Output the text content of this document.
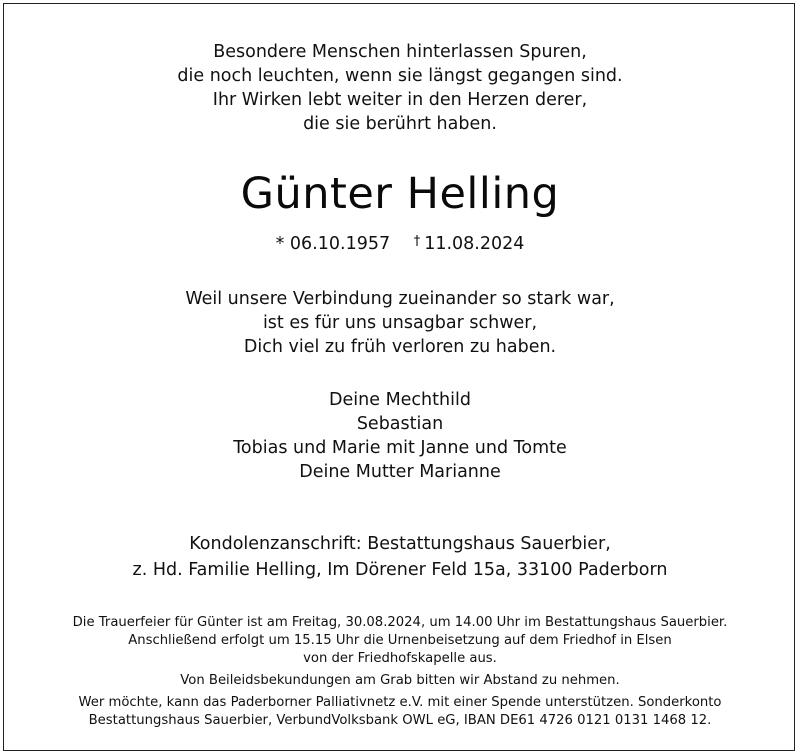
Besondere Menschen hinterlassen Spuren,
die noch leuchten, wenn sie längst gegangen sind.
Ihr Wirken lebt weiter in den Herzen derer,
die sie berührt haben.
Günter Helling
* 06.10.1957 † 11.08.2024
Weil unsere Verbindung zueinander so stark war,
ist es für uns unsagbar schwer,
Dich viel zu früh verloren zu haben.
Deine Mechthild
Sebastian
Tobias und Marie mit Janne und Tomte
Deine Mutter Marianne
Kondolenzanschrift: Bestattungshaus Sauerbier,
z. Hd. Familie Helling, Im Dörener Feld 15a, 33100 Paderborn
Die Trauerfeier für Günter ist am Freitag, 30.08.2024, um 14.00 Uhr im Bestattungshaus Sauerbier.
Anschließend erfolgt um 15.15 Uhr die Urnenbeisetzung auf dem Friedhof in Elsen
von der Friedhofskapelle aus.
Von Beileidsbekundungen am Grab bitten wir Abstand zu nehmen.
Wer möchte, kann das Paderborner Palliativnetz e.V. mit einer Spende unterstützen. Sonderkonto
Bestattungshaus Sauerbier, VerbundVolksbank OWL eG, IBAN DE61 4726 0121 0131 1468 12.
